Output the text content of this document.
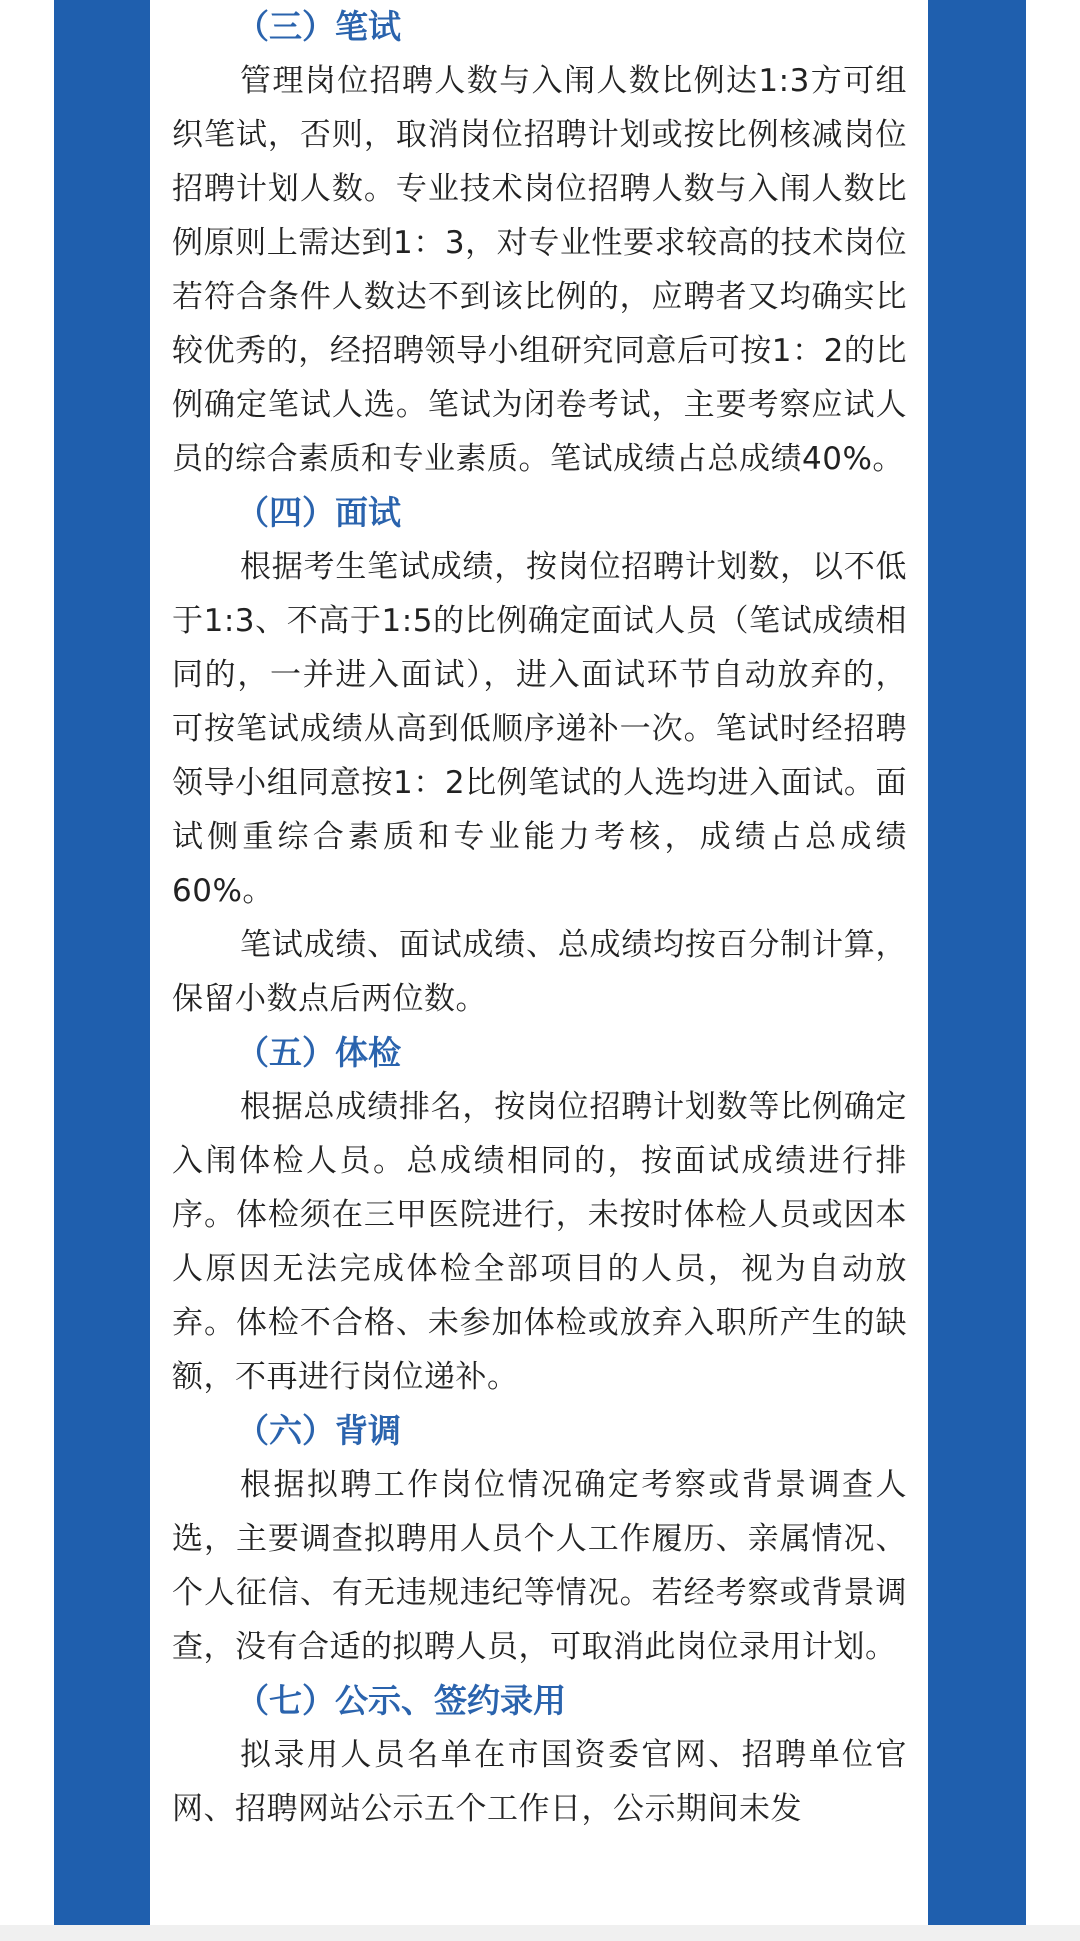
（三）笔试

管理岗位招聘人数与入闱人数比例达1:3方可组织笔试，否则，取消岗位招聘计划或按比例核减岗位招聘计划人数。专业技术岗位招聘人数与入闱人数比例原则上需达到1：3，对专业性要求较高的技术岗位若符合条件人数达不到该比例的，应聘者又均确实比较优秀的，经招聘领导小组研究同意后可按1：2的比例确定笔试人选。笔试为闭卷考试，主要考察应试人员的综合素质和专业素质。笔试成绩占总成绩40%。

（四）面试

根据考生笔试成绩，按岗位招聘计划数，以不低于1:3、不高于1:5的比例确定面试人员（笔试成绩相同的，一并进入面试），进入面试环节自动放弃的，可按笔试成绩从高到低顺序递补一次。笔试时经招聘领导小组同意按1：2比例笔试的人选均进入面试。面试侧重综合素质和专业能力考核，成绩占总成绩60%。

笔试成绩、面试成绩、总成绩均按百分制计算，保留小数点后两位数。

（五）体检

根据总成绩排名，按岗位招聘计划数等比例确定入闱体检人员。总成绩相同的，按面试成绩进行排序。体检须在三甲医院进行，未按时体检人员或因本人原因无法完成体检全部项目的人员，视为自动放弃。体检不合格、未参加体检或放弃入职所产生的缺额，不再进行岗位递补。

（六）背调

根据拟聘工作岗位情况确定考察或背景调查人选，主要调查拟聘用人员个人工作履历、亲属情况、个人征信、有无违规违纪等情况。若经考察或背景调查，没有合适的拟聘人员，可取消此岗位录用计划。

（七）公示、签约录用

拟录用人员名单在市国资委官网、招聘单位官网、招聘网站公示五个工作日，公示期间未发
